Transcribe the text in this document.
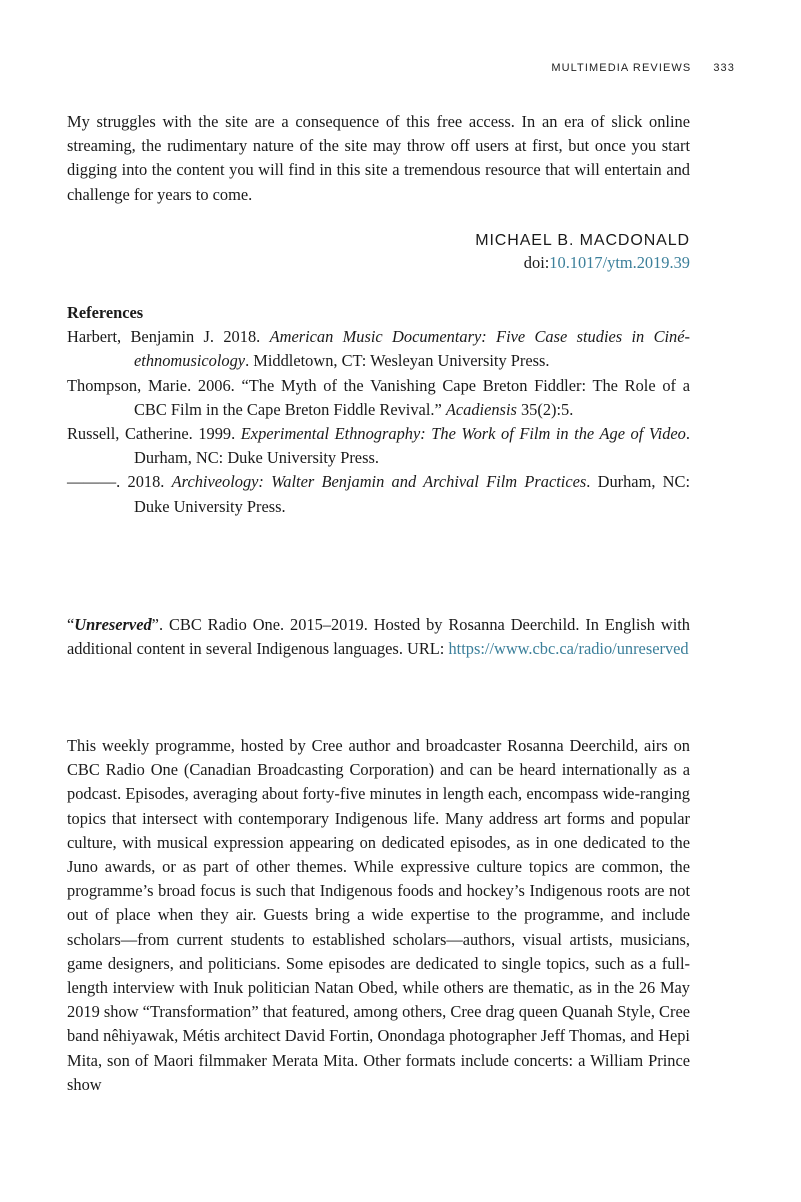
MULTIMEDIA REVIEWS 333

My struggles with the site are a consequence of this free access. In an era of slick online streaming, the rudimentary nature of the site may throw off users at first, but once you start digging into the content you will find in this site a tremendous resource that will entertain and challenge for years to come.

MICHAEL B. MACDONALD
doi:10.1017/ytm.2019.39
References

Harbert, Benjamin J. 2018. American Music Documentary: Five Case studies in Ciné-ethnomusicology. Middletown, CT: Wesleyan University Press.

Thompson, Marie. 2006. “The Myth of the Vanishing Cape Breton Fiddler: The Role of a CBC Film in the Cape Breton Fiddle Revival.” Acadiensis 35(2):5.

Russell, Catherine. 1999. Experimental Ethnography: The Work of Film in the Age of Video. Durham, NC: Duke University Press.

———. 2018. Archiveology: Walter Benjamin and Archival Film Practices. Durham, NC: Duke University Press.

“Unreserved”. CBC Radio One. 2015–2019. Hosted by Rosanna Deerchild. In English with additional content in several Indigenous languages. URL: https://www.cbc.ca/radio/unreserved

This weekly programme, hosted by Cree author and broadcaster Rosanna Deerchild, airs on CBC Radio One (Canadian Broadcasting Corporation) and can be heard internationally as a podcast. Episodes, averaging about forty-five minutes in length each, encompass wide-ranging topics that intersect with contemporary Indigenous life. Many address art forms and popular culture, with musical expression appearing on dedicated episodes, as in one dedicated to the Juno awards, or as part of other themes. While expressive culture topics are common, the programme’s broad focus is such that Indigenous foods and hockey’s Indigenous roots are not out of place when they air. Guests bring a wide expertise to the programme, and include scholars—from current students to established scholars—authors, visual artists, musicians, game designers, and politicians. Some episodes are dedicated to single topics, such as a full-length interview with Inuk politician Natan Obed, while others are thematic, as in the 26 May 2019 show “Transformation” that featured, among others, Cree drag queen Quanah Style, Cree band nêhiyawak, Métis architect David Fortin, Onondaga photographer Jeff Thomas, and Hepi Mita, son of Maori filmmaker Merata Mita. Other formats include concerts: a William Prince show
